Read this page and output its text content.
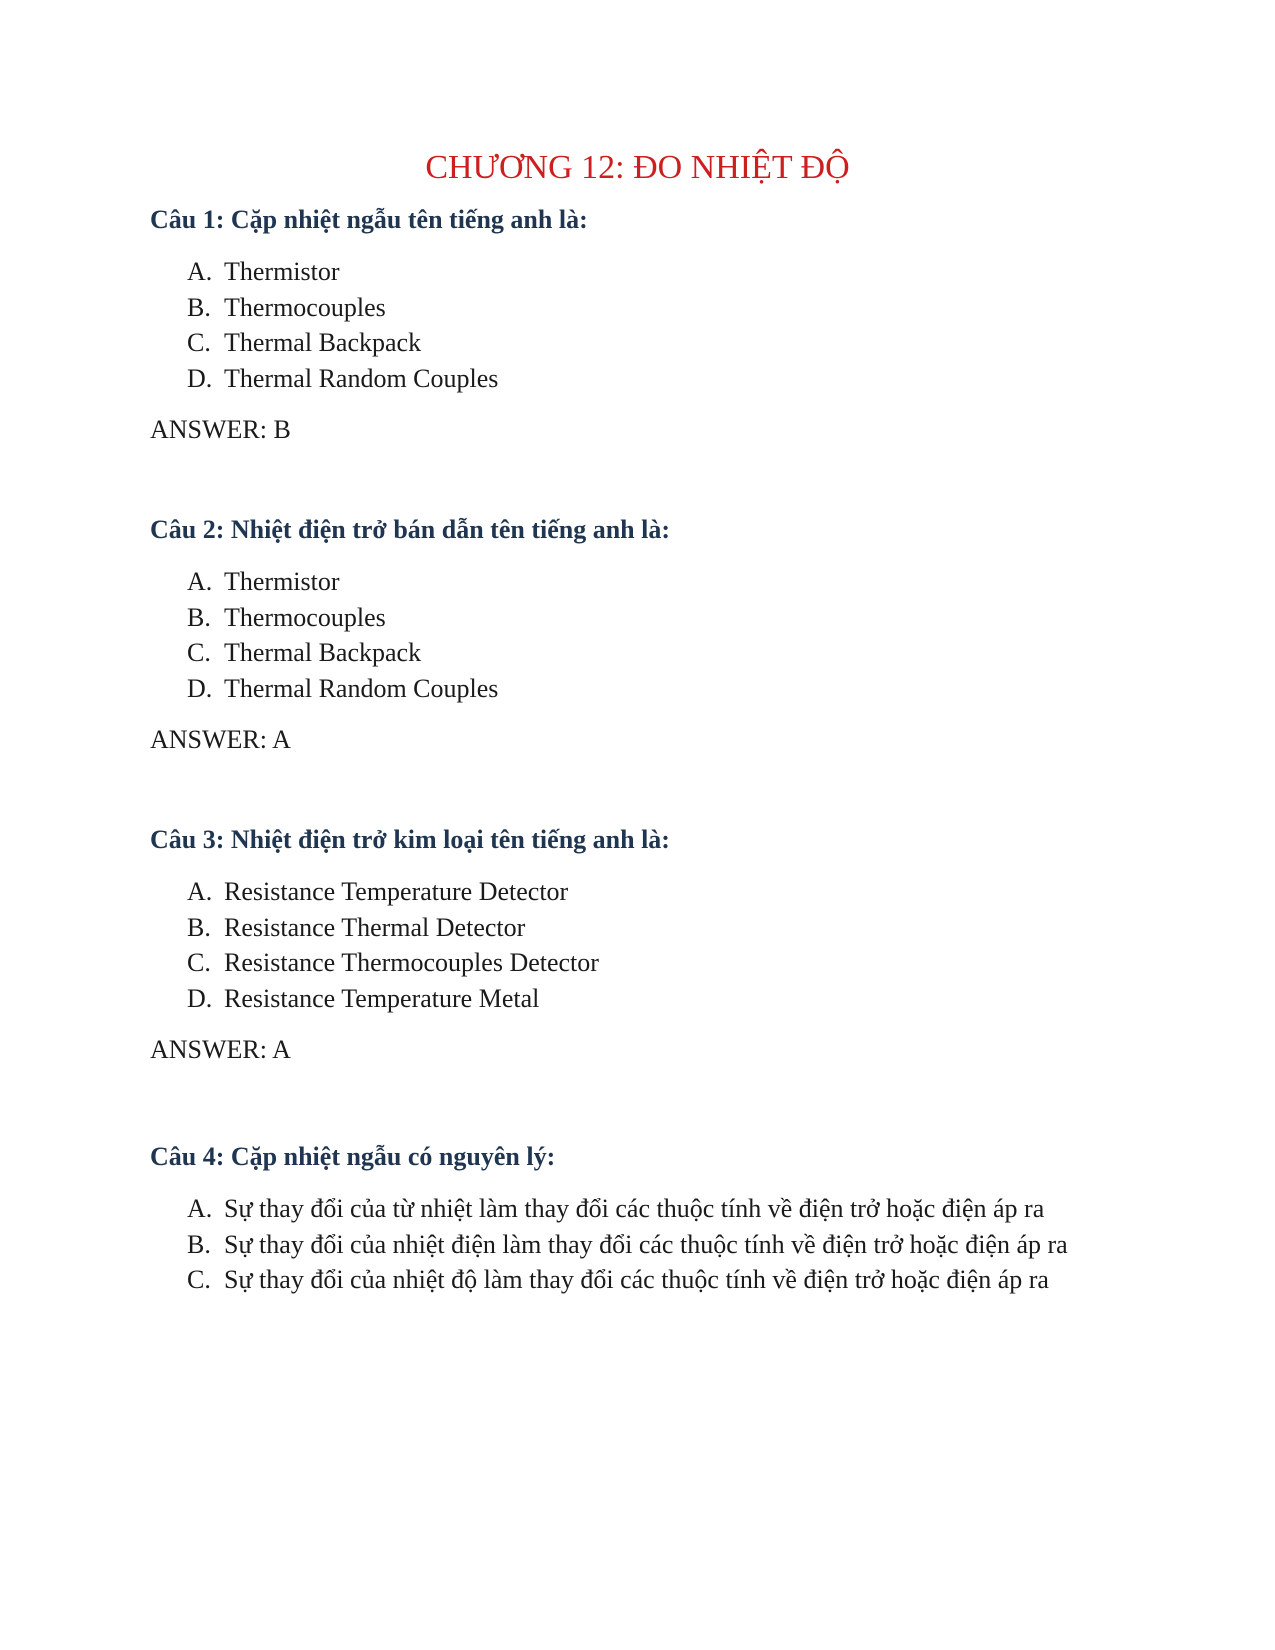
CHƯƠNG 12: ĐO NHIỆT ĐỘ
Câu 1: Cặp nhiệt ngẫu tên tiếng anh là:
A. Thermistor
B. Thermocouples
C. Thermal Backpack
D. Thermal Random Couples
ANSWER: B
Câu 2: Nhiệt điện trở bán dẫn tên tiếng anh là:
A. Thermistor
B. Thermocouples
C. Thermal Backpack
D. Thermal Random Couples
ANSWER: A
Câu 3: Nhiệt điện trở kim loại tên tiếng anh là:
A. Resistance Temperature Detector
B. Resistance Thermal Detector
C. Resistance Thermocouples Detector
D. Resistance Temperature Metal
ANSWER: A
Câu 4: Cặp nhiệt ngẫu có nguyên lý:
A. Sự thay đổi của từ nhiệt làm thay đổi các thuộc tính về điện trở hoặc điện áp ra
B. Sự thay đổi của nhiệt điện làm thay đổi các thuộc tính về điện trở hoặc điện áp ra
C. Sự thay đổi của nhiệt độ làm thay đổi các thuộc tính về điện trở hoặc điện áp ra
